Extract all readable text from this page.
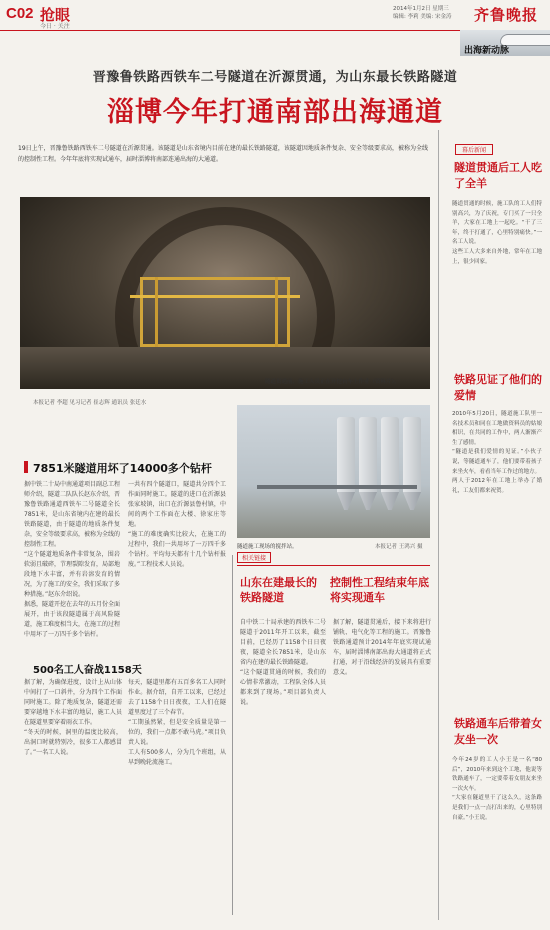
C02 抢眼
今日 · 关注
2014年1月2日 星期三
编辑: 李莉 美编: 宋金涛	齐鲁晚报
出海新动脉
晋豫鲁铁路西铁车二号隧道在沂源贯通，为山东最长铁路隧道
淄博今年打通南部出海通道
19日上午，晋豫鲁铁路西铁车二号隧道在沂源贯通。该隧道是山东省境内目前在建的最长铁路隧道，该隧道因地质条件复杂、安全等级要求高，被称为全线的控制性工程。今年年底将实现试通车，届时淄博将南部连通出海的大通道。
隧道贯通前，施工人员正在开挖台车上作业（资料片）。
本报记者 李超 见习记者 崔志辉 通讯员 张廷水
7851米隧道用坏了14000多个钻杆
据中铁二十局中南通道项目副总工程师介绍，隧道二队队长赵东介绍，晋豫鲁铁路通道西铁车二号隧道全长7851米，是山东省境内在建的最长铁路隧道，由于隧道的地质条件复杂，安全等级要求高，被称为全线的控制性工程。
“这个隧道地质条件非常复杂，围岩软弱且破碎，节理裂隙发育，局部地段地下水丰富，并有岩溶发育的情况，为了施工的安全，我们采取了多种措施。”赵东介绍说。
据悉，隧道开挖在去年的五月份全面展开，由于该段隧道属于高风险隧道，施工难度相当大，在施工的过程中用坏了一万四千多个钻杆。
一共有四个隧道口，隧道共分四个工作面同时施工。隧道的进口在沂源县张家坡镇，出口在沂源县鲁村镇，中间的两个工作面在大楼、徐家庄等地。
“施工的难度确实比较大，在施工的过程中，我们一共用坏了一万四千多个钻杆。平均每天都有十几个钻杆报废。”工程技术人员说。
隧道施工现场的搅拌站。	本报记者 王鸿兴 摄
相关链接
山东在建最长的铁路隧道
控制性工程结束年底将实现通车
自中铁二十局承建的西铁车二号隧道于2011年开工以来，截至目前，已经历了1158个日日夜夜，隧道全长7851米，是山东省内在建的最长铁路隧道。
“这个隧道贯通的时候，我们的心情非常激动，工程队全体人员都来到了现场。”项目部负责人说。
据了解，隧道贯通后，接下来将进行铺轨、电气化等工程的施工。晋豫鲁铁路通道预计2014年年底实现试通车，届时淄博南部出海大通道将正式打通，对于沿线经济的发展具有重要意义。
500名工人奋战1158天
据了解，为确保进度，设计上从山体中间打了一口斜井，分为四个工作面同时施工。除了地质复杂，隧道还需要穿越地下水丰富的地层，施工人员在隧道里要穿着雨衣工作。
“冬天的时候，洞里的温度比较高，出洞口时就特别冷，很多工人都感冒了。”一名工人说。
每天，隧道里都有五百多名工人同时作业。据介绍，自开工以来，已经过去了1158个日日夜夜，工人们在隧道里度过了三个春节。
“工期虽然紧，但是安全质量是第一位的，我们一点都不敢马虎。”项目负责人说。
工人有500多人，分为几个班组，从早到晚轮流施工。
幕后新闻
隧道贯通后工人吃了全羊
隧道贯通的时候，施工队的工人们特别高兴，为了庆祝，专门买了一只全羊，大家在工地上一起吃。“干了三年，终于打通了，心里特别痛快。”一名工人说。
这些工人大多来自外地，常年在工地上，很少回家。
铁路见证了他们的爱情
2010年5月20日，隧道施工队里一名技术员和同在工地做资料员的姑娘相识，在共同的工作中，两人渐渐产生了感情。
“隧道是我们爱情的见证。”小伙子说，等隧道通车了，他们要带着孩子来坐火车，看看当年工作过的地方。
两人于2012年在工地上举办了婚礼，工友们都来祝贺。
铁路通车后带着女友坐一次
今年24岁的工人小王是一名“80后”，2010年来到这个工地，他说等铁路通车了，一定要带着女朋友来坐一次火车。
“大家在隧道里干了这么久，这条路是我们一点一点打出来的，心里特别自豪。”小王说。
